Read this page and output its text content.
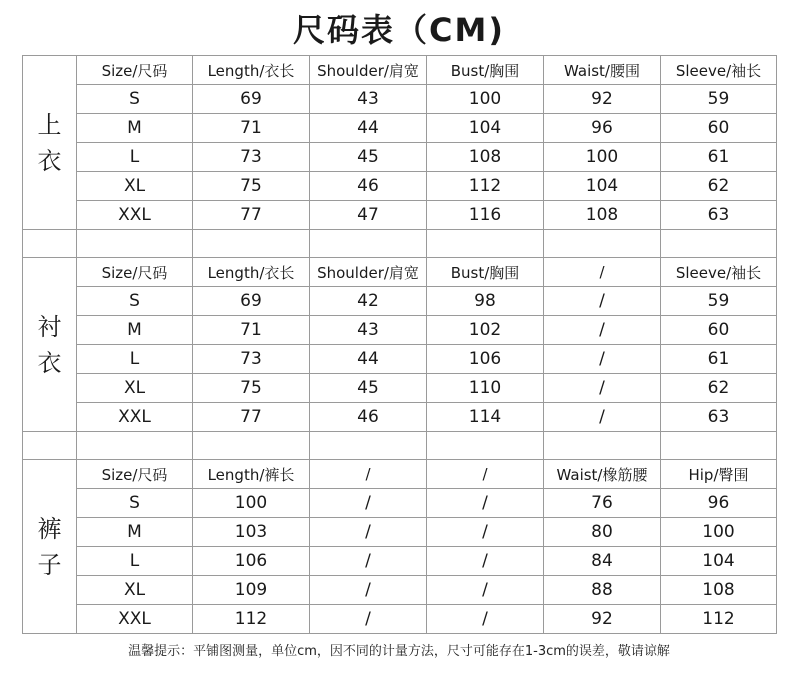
尺码表（CM)
上
衣	Size/尺码	Length/衣长	Shoulder/肩宽	Bust/胸围	Waist/腰围	Sleeve/袖长
	S	69	43	100	92	59
	M	71	44	104	96	60
	L	73	45	108	100	61
	XL	75	46	112	104	62
	XXL	77	47	116	108	63

衬
衣	Size/尺码	Length/衣长	Shoulder/肩宽	Bust/胸围	/	Sleeve/袖长
	S	69	42	98	/	59
	M	71	43	102	/	60
	L	73	44	106	/	61
	XL	75	45	110	/	62
	XXL	77	46	114	/	63

裤
子	Size/尺码	Length/裤长	/	/	Waist/橡筋腰	Hip/臀围
	S	100	/	/	76	96
	M	103	/	/	80	100
	L	106	/	/	84	104
	XL	109	/	/	88	108
	XXL	112	/	/	92	112
温馨提示：平铺图测量，单位cm，因不同的计量方法，尺寸可能存在1-3cm的误差，敬请谅解
